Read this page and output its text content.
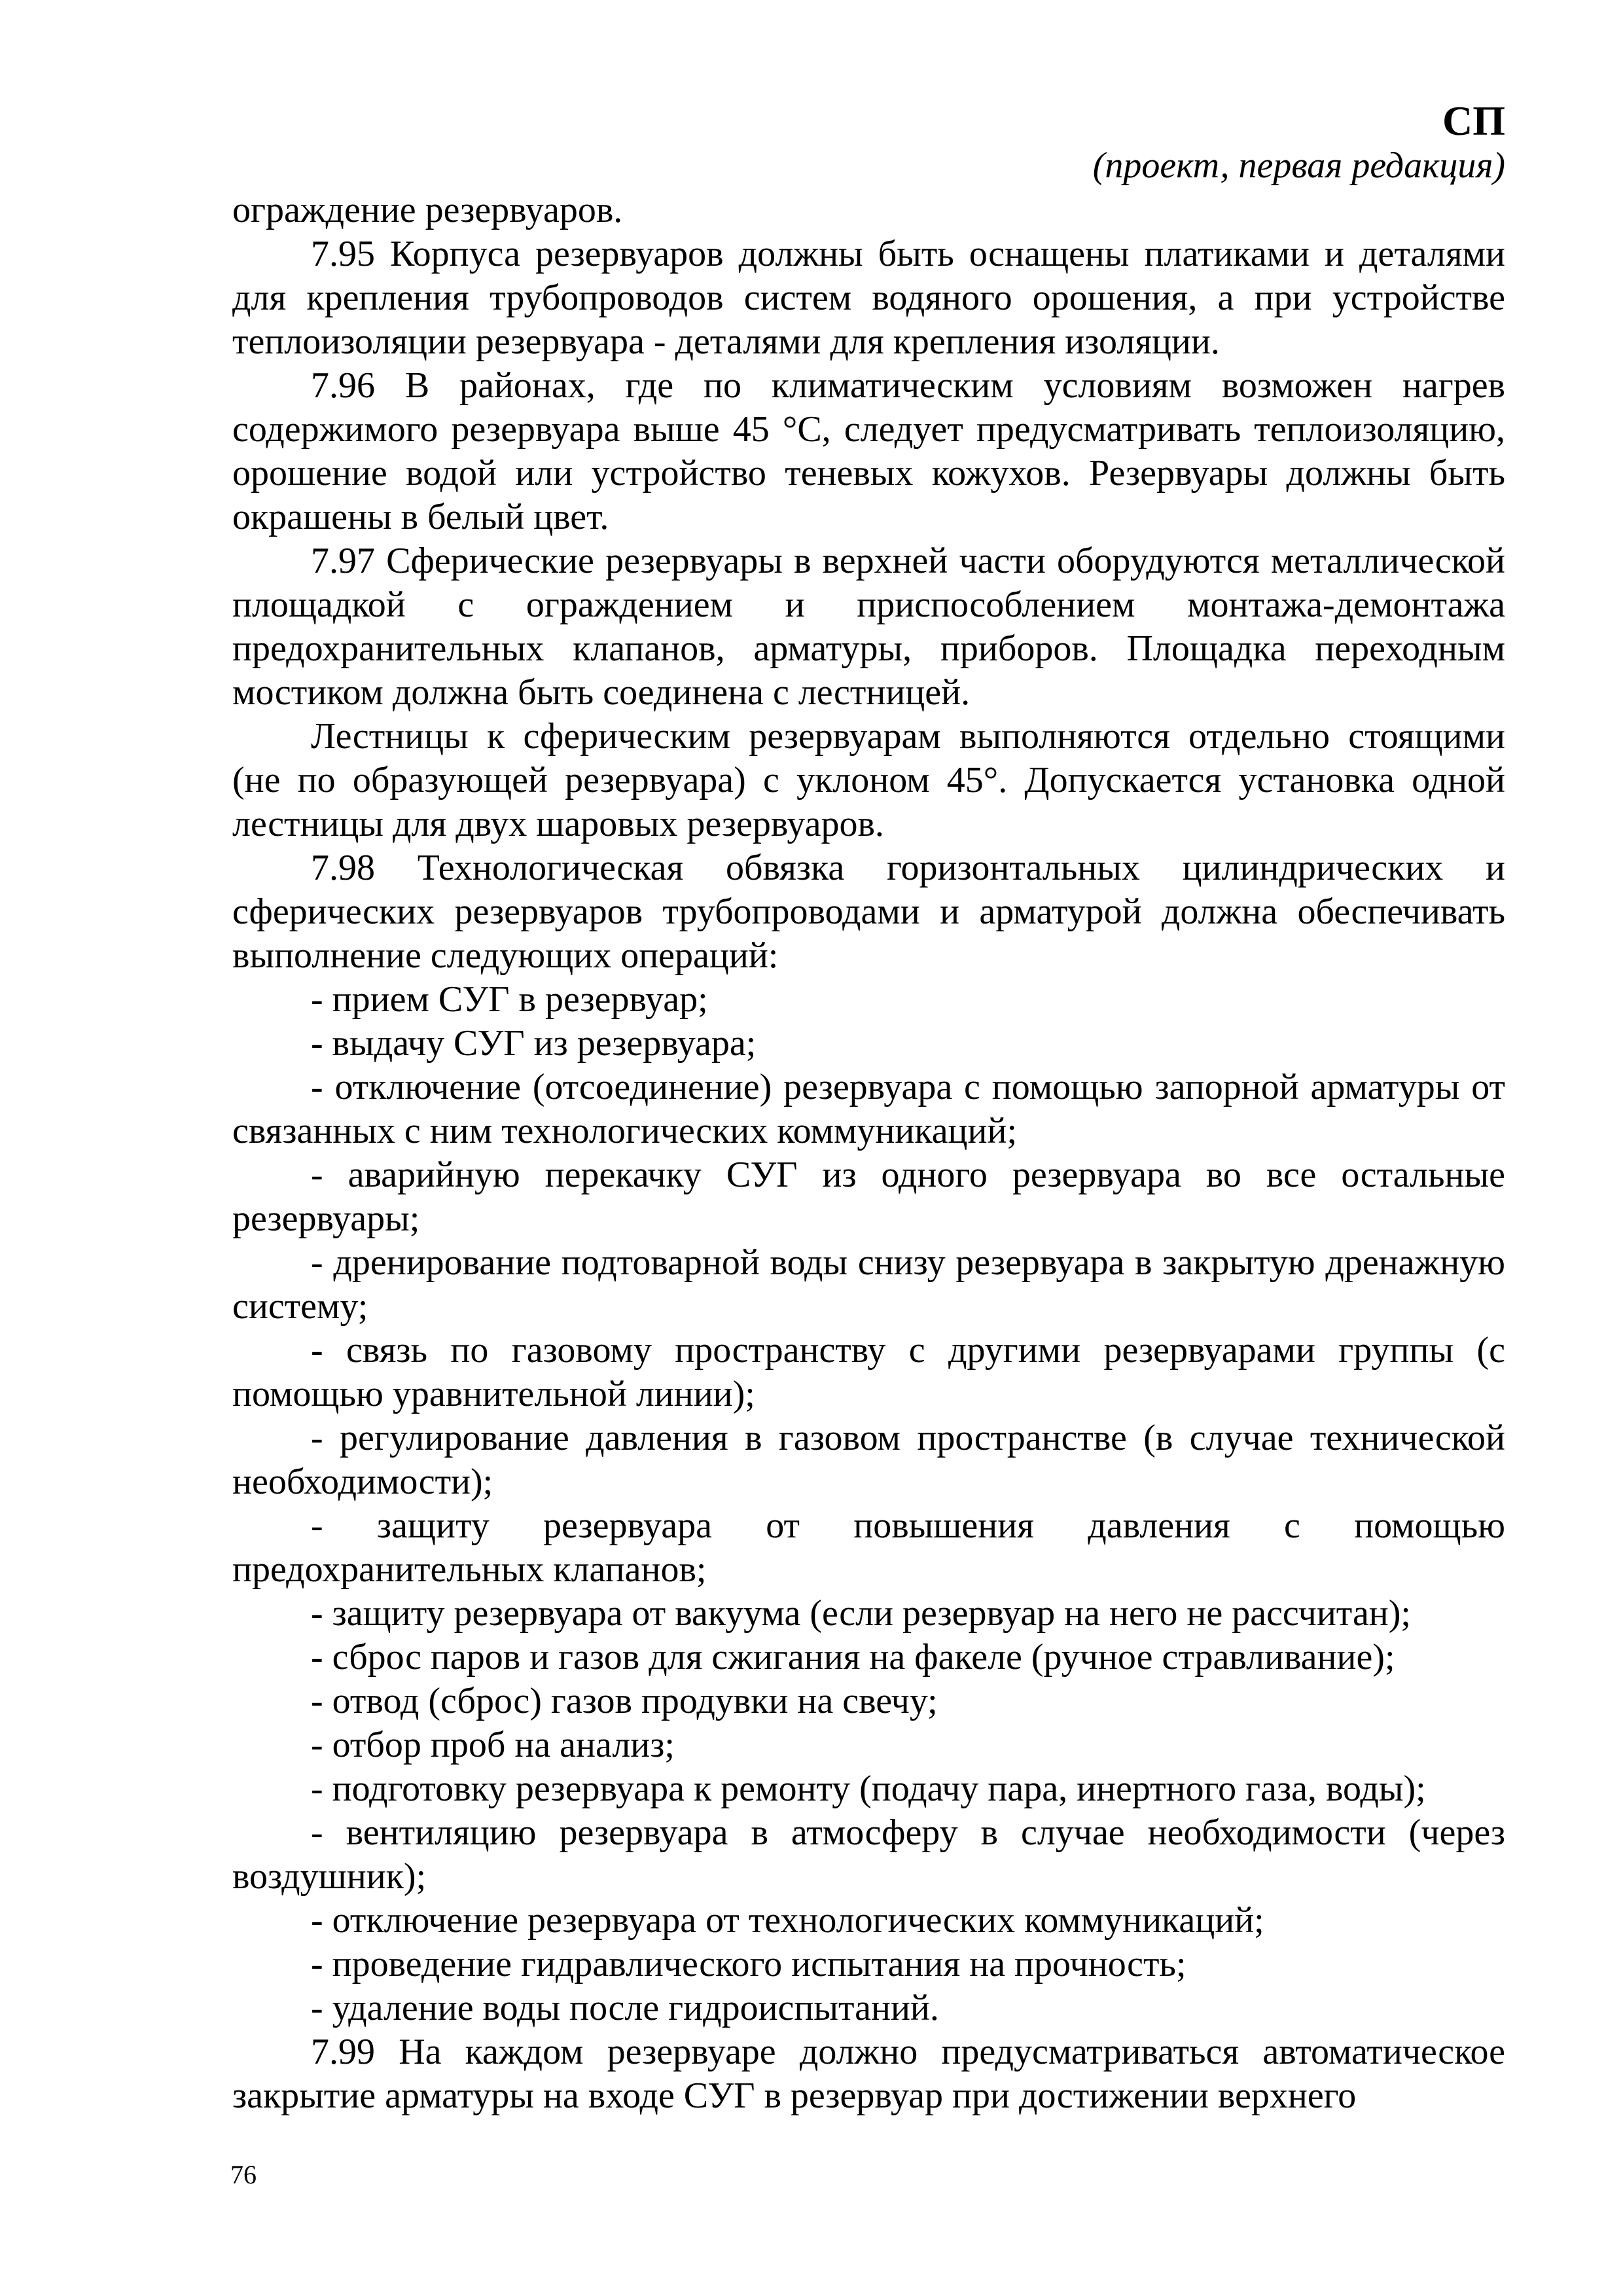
СП
(проект, первая редакция)

ограждение резервуаров.

7.95 Корпуса резервуаров должны быть оснащены платиками и деталями для крепления трубопроводов систем водяного орошения, а при устройстве теплоизоляции резервуара - деталями для крепления изоляции.

7.96 В районах, где по климатическим условиям возможен нагрев содержимого резервуара выше 45 °С, следует предусматривать теплоизоляцию, орошение водой или устройство теневых кожухов. Резервуары должны быть окрашены в белый цвет.

7.97 Сферические резервуары в верхней части оборудуются металлической площадкой с ограждением и приспособлением монтажа-демонтажа предохранительных клапанов, арматуры, приборов. Площадка переходным мостиком должна быть соединена с лестницей.

Лестницы к сферическим резервуарам выполняются отдельно стоящими (не по образующей резервуара) с уклоном 45°. Допускается установка одной лестницы для двух шаровых резервуаров.

7.98 Технологическая обвязка горизонтальных цилиндрических и сферических резервуаров трубопроводами и арматурой должна обеспечивать выполнение следующих операций:

- прием СУГ в резервуар;

- выдачу СУГ из резервуара;

- отключение (отсоединение) резервуара с помощью запорной арматуры от связанных с ним технологических коммуникаций;

- аварийную перекачку СУГ из одного резервуара во все остальные резервуары;

- дренирование подтоварной воды снизу резервуара в закрытую дренажную систему;

- связь по газовому пространству с другими резервуарами группы (с помощью уравнительной линии);

- регулирование давления в газовом пространстве (в случае технической необходимости);

- защиту резервуара от повышения давления с помощью предохранительных клапанов;

- защиту резервуара от вакуума (если резервуар на него не рассчитан);

- сброс паров и газов для сжигания на факеле (ручное стравливание);

- отвод (сброс) газов продувки на свечу;

- отбор проб на анализ;

- подготовку резервуара к ремонту (подачу пара, инертного газа, воды);

- вентиляцию резервуара в атмосферу в случае необходимости (через воздушник);

- отключение резервуара от технологических коммуникаций;

- проведение гидравлического испытания на прочность;

- удаление воды после гидроиспытаний.

7.99 На каждом резервуаре должно предусматриваться автоматическое закрытие арматуры на входе СУГ в резервуар при достижении верхнего

76
